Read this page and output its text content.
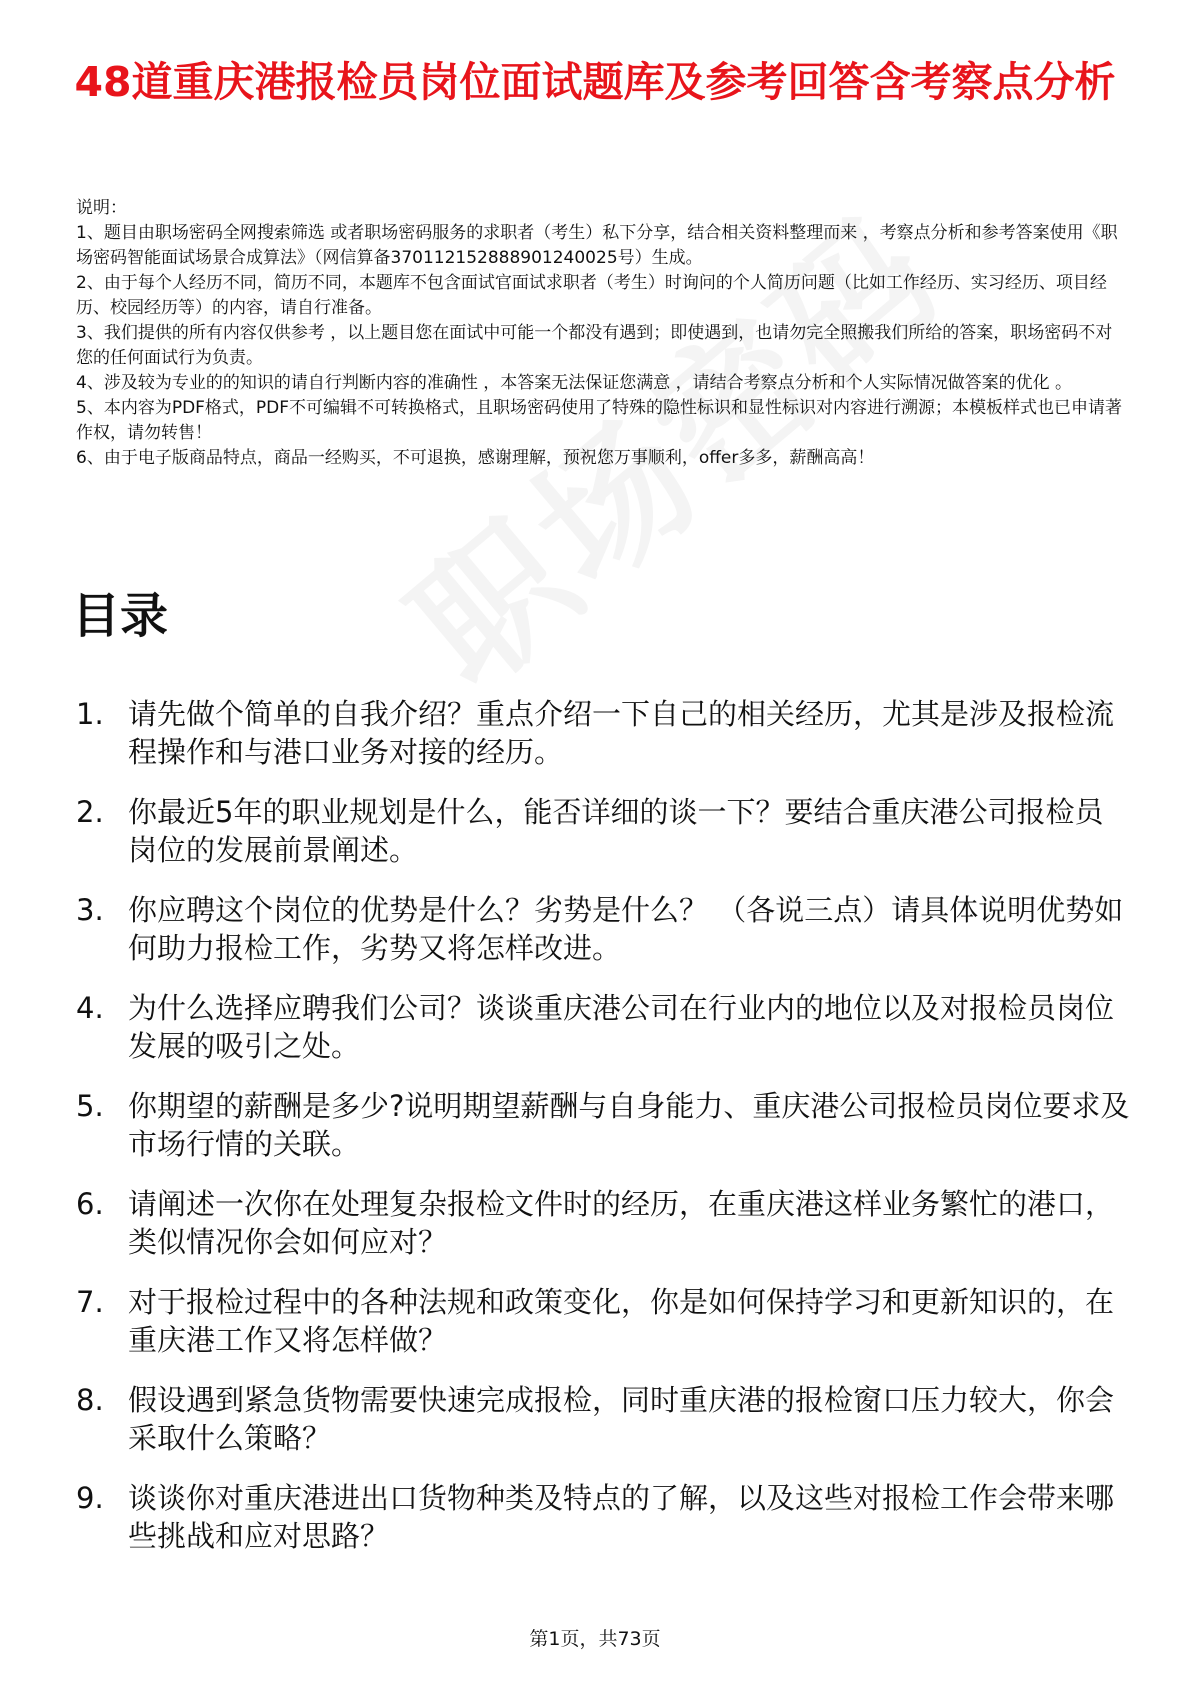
48道重庆港报检员岗位面试题库及参考回答含考察点分析

说明：

1、题目由职场密码全网搜索筛选 或者职场密码服务的求职者（考生）私下分享，结合相关资料整理而来 ，考察点分析和参考答案使用《职场密码智能面试场景合成算法》（网信算备370112152888901240025号）生成。

2、由于每个人经历不同，简历不同，本题库不包含面试官面试求职者（考生）时询问的个人简历问题（比如工作经历、实习经历、项目经历、校园经历等）的内容，请自行准备。

3、我们提供的所有内容仅供参考 ，以上题目您在面试中可能一个都没有遇到；即使遇到，也请勿完全照搬我们所给的答案，职场密码不对您的任何面试行为负责。

4、涉及较为专业的的知识的请自行判断内容的准确性 ，本答案无法保证您满意 ，请结合考察点分析和个人实际情况做答案的优化 。

5、本内容为PDF格式，PDF不可编辑不可转换格式，且职场密码使用了特殊的隐性标识和显性标识对内容进行溯源；本模板样式也已申请著作权，请勿转售！

6、由于电子版商品特点，商品一经购买，不可退换，感谢理解，预祝您万事顺利，offer多多，薪酬高高！

目录
1. 请先做个简单的自我介绍？重点介绍一下自己的相关经历，尤其是涉及报检流程操作和与港口业务对接的经历。
2. 你最近5年的职业规划是什么，能否详细的谈一下？要结合重庆港公司报检员岗位的发展前景阐述。
3. 你应聘这个岗位的优势是什么？劣势是什么？ （各说三点）请具体说明优势如何助力报检工作，劣势又将怎样改进。
4. 为什么选择应聘我们公司？谈谈重庆港公司在行业内的地位以及对报检员岗位发展的吸引之处。
5. 你期望的薪酬是多少?说明期望薪酬与自身能力、重庆港公司报检员岗位要求及市场行情的关联。
6. 请阐述一次你在处理复杂报检文件时的经历，在重庆港这样业务繁忙的港口，类似情况你会如何应对？
7. 对于报检过程中的各种法规和政策变化，你是如何保持学习和更新知识的，在重庆港工作又将怎样做？
8. 假设遇到紧急货物需要快速完成报检，同时重庆港的报检窗口压力较大，你会采取什么策略？
9. 谈谈你对重庆港进出口货物种类及特点的了解，以及这些对报检工作会带来哪些挑战和应对思路？
第1页，共73页
